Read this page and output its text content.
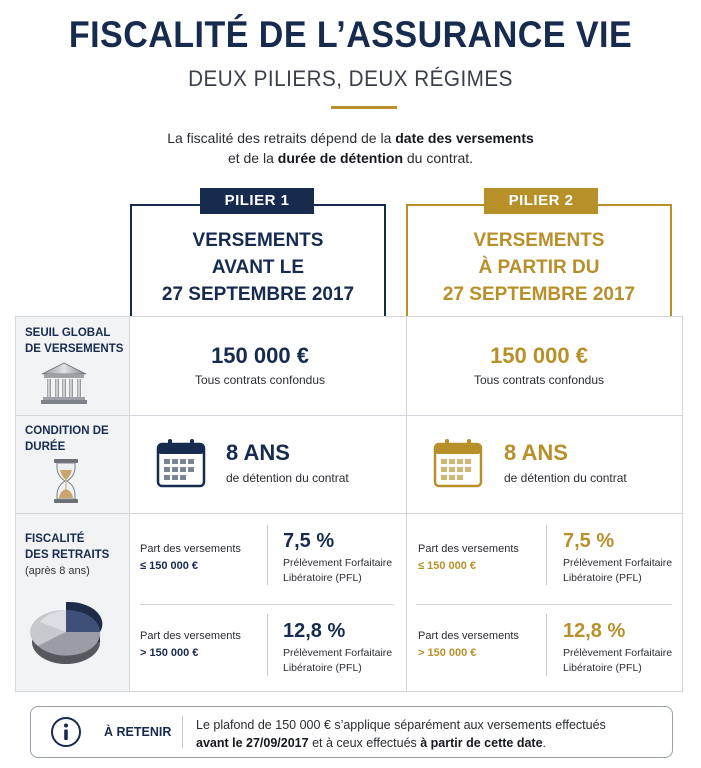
FISCALITÉ DE L’ASSURANCE VIE
DEUX PILIERS, DEUX RÉGIMES
La fiscalité des retraits dépend de la date des versements
et de la durée de détention du contrat.
PILIER 1
VERSEMENTS
AVANT LE
27 SEPTEMBRE 2017
PILIER 2
VERSEMENTS
À PARTIR DU
27 SEPTEMBRE 2017
SEUIL GLOBAL
DE VERSEMENTS
CONDITION DE
DURÉE
FISCALITÉ
DES RETRAITS
(après 8 ans)
150 000 €
Tous contrats confondus
150 000 €
Tous contrats confondus
8 ANS
de détention du contrat
8 ANS
de détention du contrat
Part des versements
≤ 150 000 €
7,5 %
Prélèvement Forfaitaire
Libératoire (PFL)
Part des versements
> 150 000 €
12,8 %
Prélèvement Forfaitaire
Libératoire (PFL)
Part des versements
≤ 150 000 €
7,5 %
Prélèvement Forfaitaire
Libératoire (PFL)
Part des versements
> 150 000 €
12,8 %
Prélèvement Forfaitaire
Libératoire (PFL)
À RETENIR Le plafond de 150 000 € s’applique séparément aux versements effectués
avant le 27/09/2017 et à ceux effectués à partir de cette date.
